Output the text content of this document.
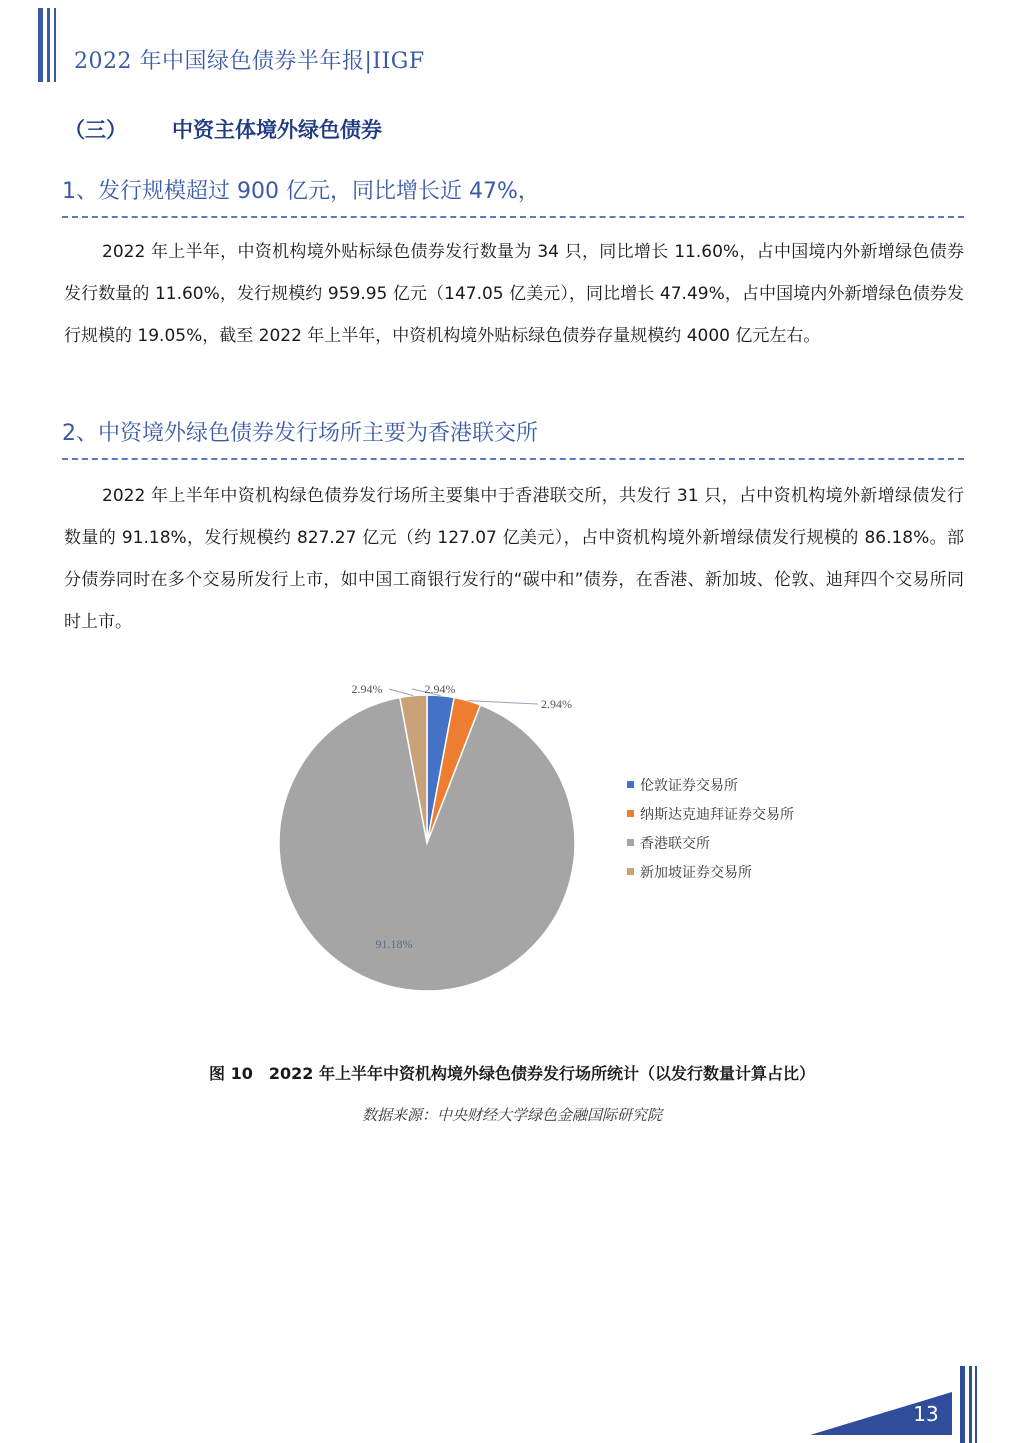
2022 年中国绿色债券半年报|IIGF
（三） 中资主体境外绿色债券
1、发行规模超过 900 亿元，同比增长近 47%，

2022 年上半年，中资机构境外贴标绿色债券发行数量为 34 只，同比增长 11.60%，占中国境内外新增绿色债券发行数量的 11.60%，发行规模约 959.95 亿元（147.05 亿美元），同比增长 47.49%，占中国境内外新增绿色债券发行规模的 19.05%，截至 2022 年上半年，中资机构境外贴标绿色债券存量规模约 4000 亿元左右。

2、中资境外绿色债券发行场所主要为香港联交所

2022 年上半年中资机构绿色债券发行场所主要集中于香港联交所，共发行 31 只，占中资机构境外新增绿债发行数量的 91.18%，发行规模约 827.27 亿元（约 127.07 亿美元），占中资机构境外新增绿债发行规模的 86.18%。部分债券同时在多个交易所发行上市，如中国工商银行发行的“碳中和”债券，在香港、新加坡、伦敦、迪拜四个交易所同时上市。

2.94%
2.94%
91.18%
2.94%
伦敦证券交易所
纳斯达克迪拜证券交易所
香港联交所
新加坡证券交易所
图 10　2022 年上半年中资机构境外绿色债券发行场所统计（以发行数量计算占比）
数据来源：中央财经大学绿色金融国际研究院
13
